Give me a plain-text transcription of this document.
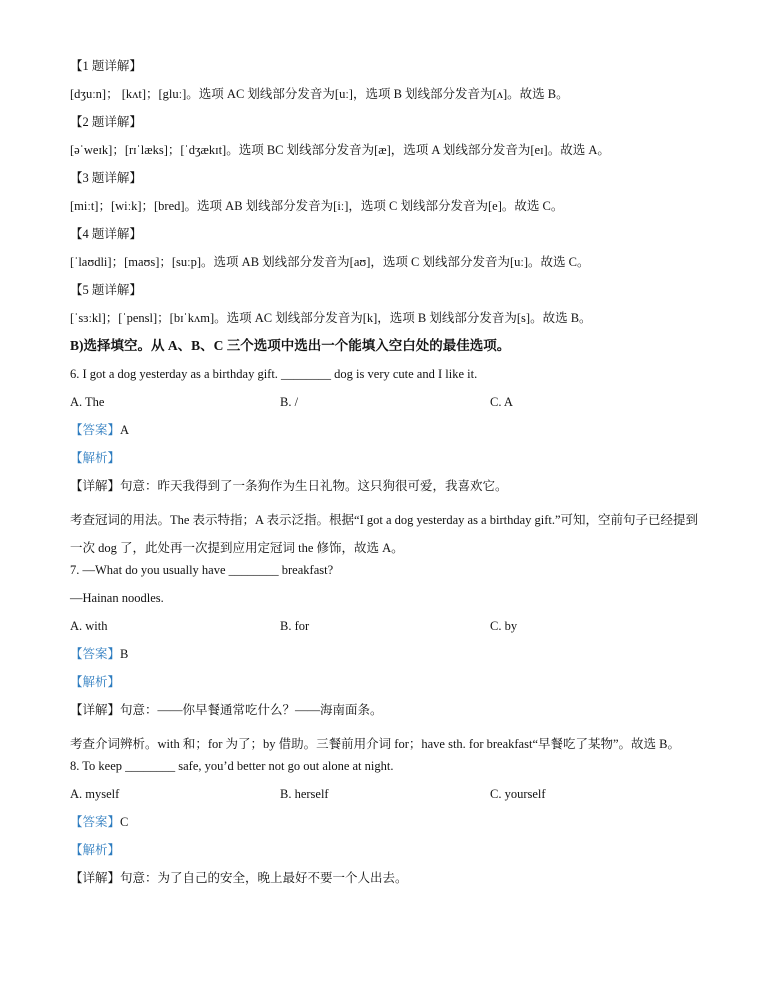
【1 题详解】
[dʒuːn]； [kʌt]；[gluː]。选项 AC 划线部分发音为[uː]，选项 B 划线部分发音为[ʌ]。故选 B。
【2 题详解】
[əˈweɪk]；[rɪˈlæks]；[ˈdʒækɪt]。选项 BC 划线部分发音为[æ]，选项 A 划线部分发音为[eɪ]。故选 A。
【3 题详解】
[miːt]；[wiːk]；[bred]。选项 AB 划线部分发音为[iː]，选项 C 划线部分发音为[e]。故选 C。
【4 题详解】
[ˈlaʊdli]；[maʊs]；[suːp]。选项 AB 划线部分发音为[aʊ]，选项 C 划线部分发音为[uː]。故选 C。
【5 题详解】
[ˈsɜːkl]；[ˈpensl]；[bɪˈkʌm]。选项 AC 划线部分发音为[k]，选项 B 划线部分发音为[s]。故选 B。
B)选择填空。从 A、B、C 三个选项中选出一个能填入空白处的最佳选项。
6. I got a dog yesterday as a birthday gift. ________ dog is very cute and I like it.
A. The	B. /	C. A
【答案】A
【解析】
【详解】句意：昨天我得到了一条狗作为生日礼物。这只狗很可爱，我喜欢它。
考查冠词的用法。The 表示特指；A 表示泛指。根据“I got a dog yesterday as a birthday gift.”可知，空前句子已经提到一次 dog 了，此处再一次提到应用定冠词 the 修饰，故选 A。
7. —What do you usually have ________ breakfast?
—Hainan noodles.
A. with	B. for	C. by
【答案】B
【解析】
【详解】句意：——你早餐通常吃什么？——海南面条。
考查介词辨析。with 和；for 为了；by 借助。三餐前用介词 for；have sth. for breakfast“早餐吃了某物”。故选 B。
8. To keep ________ safe, you’d better not go out alone at night.
A. myself	B. herself	C. yourself
【答案】C
【解析】
【详解】句意：为了自己的安全，晚上最好不要一个人出去。
